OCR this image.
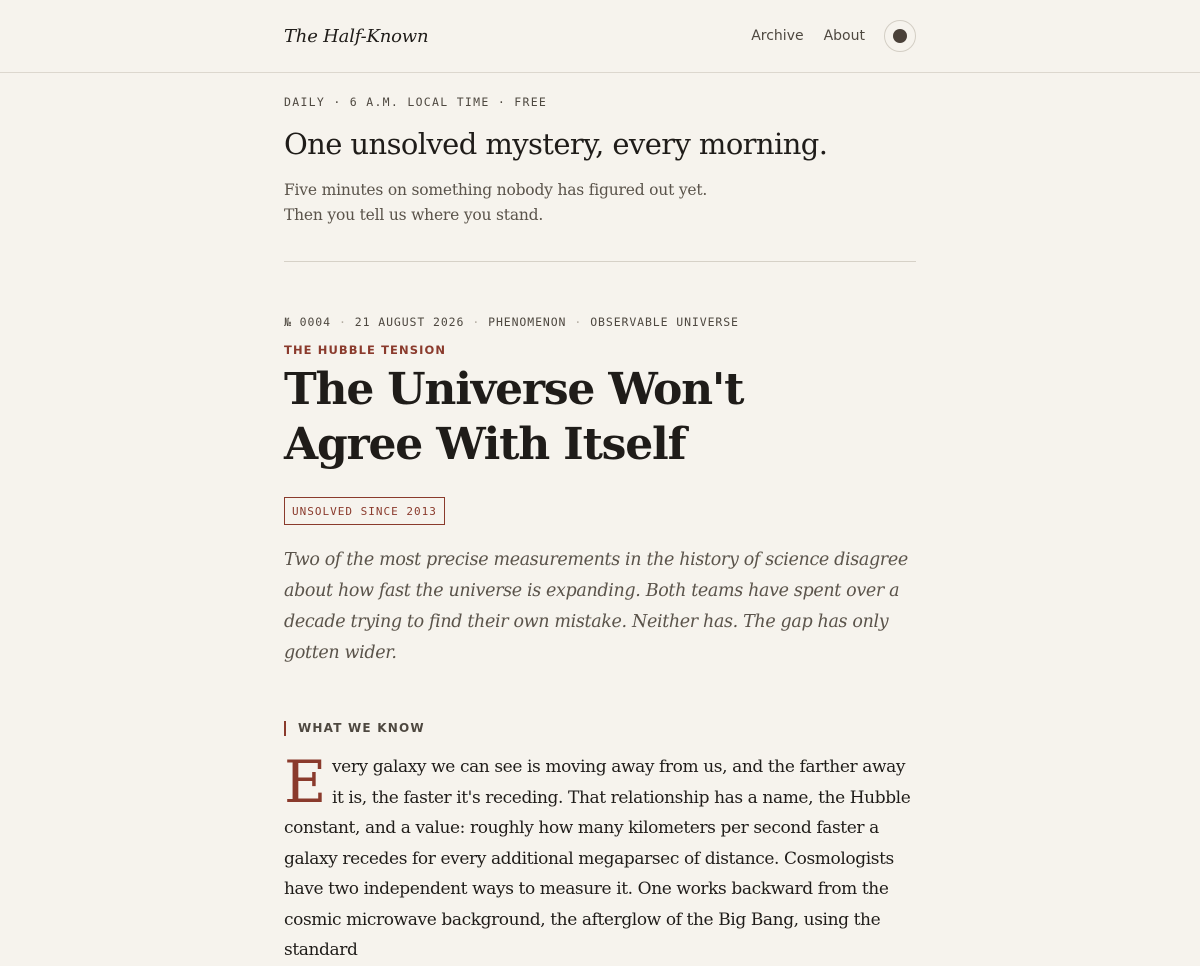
The Half-Known	Archive About

DAILY · 6 A.M. LOCAL TIME · FREE

One unsolved mystery, every morning.

Five minutes on something nobody has figured out yet.
Then you tell us where you stand.

№ 0004 · 21 AUGUST 2026 · PHENOMENON · OBSERVABLE UNIVERSE

THE HUBBLE TENSION

The Universe Won't Agree With Itself
UNSOLVED SINCE 2013

Two of the most precise measurements in the history of science disagree about how fast the universe is expanding. Both teams have spent over a decade trying to find their own mistake. Neither has. The gap has only gotten wider.

WHAT WE KNOW

Every galaxy we can see is moving away from us, and the farther away it is, the faster it's receding. That relationship has a name, the Hubble constant, and a value: roughly how many kilometers per second faster a galaxy recedes for every additional megaparsec of distance. Cosmologists have two independent ways to measure it. One works backward from the cosmic microwave background, the afterglow of the Big Bang, using the standard
